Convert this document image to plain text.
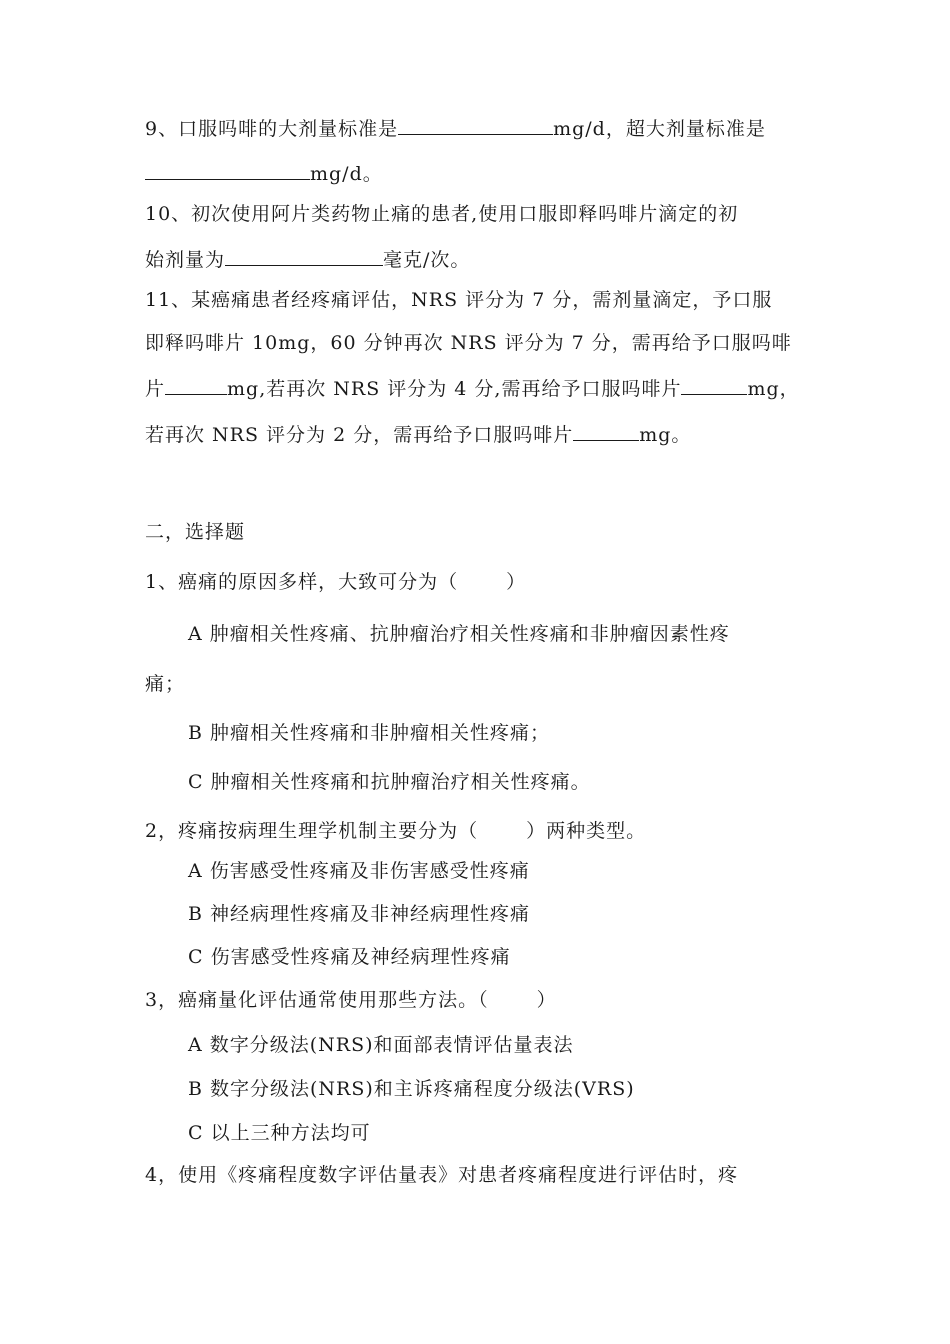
9、口服吗啡的大剂量标准是	mg/d，超大剂量标准是
mg/d。
10、初次使用阿片类药物止痛的患者,使用口服即释吗啡片滴定的初
始剂量为	毫克/次。
11、某癌痛患者经疼痛评估，NRS 评分为 7 分，需剂量滴定，予口服
即释吗啡片 10mg，60 分钟再次 NRS 评分为 7 分，需再给予口服吗啡
片	mg,若再次 NRS 评分为 4 分,需再给予口服吗啡片	mg，
若再次 NRS 评分为 2 分，需再给予口服吗啡片	mg。
二，选择题
1、癌痛的原因多样，大致可分为（	）
A 肿瘤相关性疼痛、抗肿瘤治疗相关性疼痛和非肿瘤因素性疼
痛；
B 肿瘤相关性疼痛和非肿瘤相关性疼痛；
C 肿瘤相关性疼痛和抗肿瘤治疗相关性疼痛。
2，疼痛按病理生理学机制主要分为（	）两种类型。
A 伤害感受性疼痛及非伤害感受性疼痛
B 神经病理性疼痛及非神经病理性疼痛
C 伤害感受性疼痛及神经病理性疼痛
3，癌痛量化评估通常使用那些方法。（	）
A 数字分级法(NRS)和面部表情评估量表法
B 数字分级法(NRS)和主诉疼痛程度分级法(VRS)
C 以上三种方法均可
4，使用《疼痛程度数字评估量表》对患者疼痛程度进行评估时，疼
